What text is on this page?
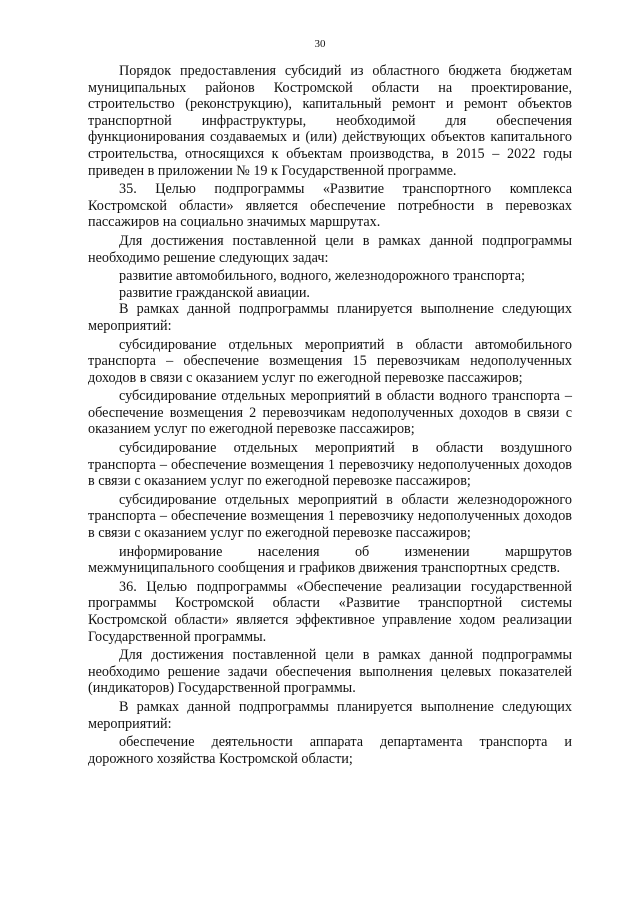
30

Порядок предоставления субсидий из областного бюджета бюджетам муниципальных районов Костромской области на проектирование, строительство (реконструкцию), капитальный ремонт и ремонт объектов транспортной инфраструктуры, необходимой для обеспечения функционирования создаваемых и (или) действующих объектов капитального строительства, относящихся к объектам производства, в 2015 – 2022 годы приведен в приложении № 19 к Государственной программе.

35. Целью подпрограммы «Развитие транспортного комплекса Костромской области» является обеспечение потребности в перевозках пассажиров на социально значимых маршрутах.

Для достижения поставленной цели в рамках данной подпрограммы необходимо решение следующих задач:

развитие автомобильного, водного, железнодорожного транспорта;

развитие гражданской авиации.

В рамках данной подпрограммы планируется выполнение следующих мероприятий:

субсидирование отдельных мероприятий в области автомобильного транспорта – обеспечение возмещения 15 перевозчикам недополученных доходов в связи с оказанием услуг по ежегодной перевозке пассажиров;

субсидирование отдельных мероприятий в области водного транспорта – обеспечение возмещения 2 перевозчикам недополученных доходов в связи с оказанием услуг по ежегодной перевозке пассажиров;

субсидирование отдельных мероприятий в области воздушного транспорта – обеспечение возмещения 1 перевозчику недополученных доходов в связи с оказанием услуг по ежегодной перевозке пассажиров;

субсидирование отдельных мероприятий в области железнодорожного транспорта – обеспечение возмещения 1 перевозчику недополученных доходов в связи с оказанием услуг по ежегодной перевозке пассажиров;

информирование населения об изменении маршрутов межмуниципального сообщения и графиков движения транспортных средств.

36. Целью подпрограммы «Обеспечение реализации государственной программы Костромской области «Развитие транспортной системы Костромской области» является эффективное управление ходом реализации Государственной программы.

Для достижения поставленной цели в рамках данной подпрограммы необходимо решение задачи обеспечения выполнения целевых показателей (индикаторов) Государственной программы.

В рамках данной подпрограммы планируется выполнение следующих мероприятий:

обеспечение деятельности аппарата департамента транспорта и дорожного хозяйства Костромской области;
